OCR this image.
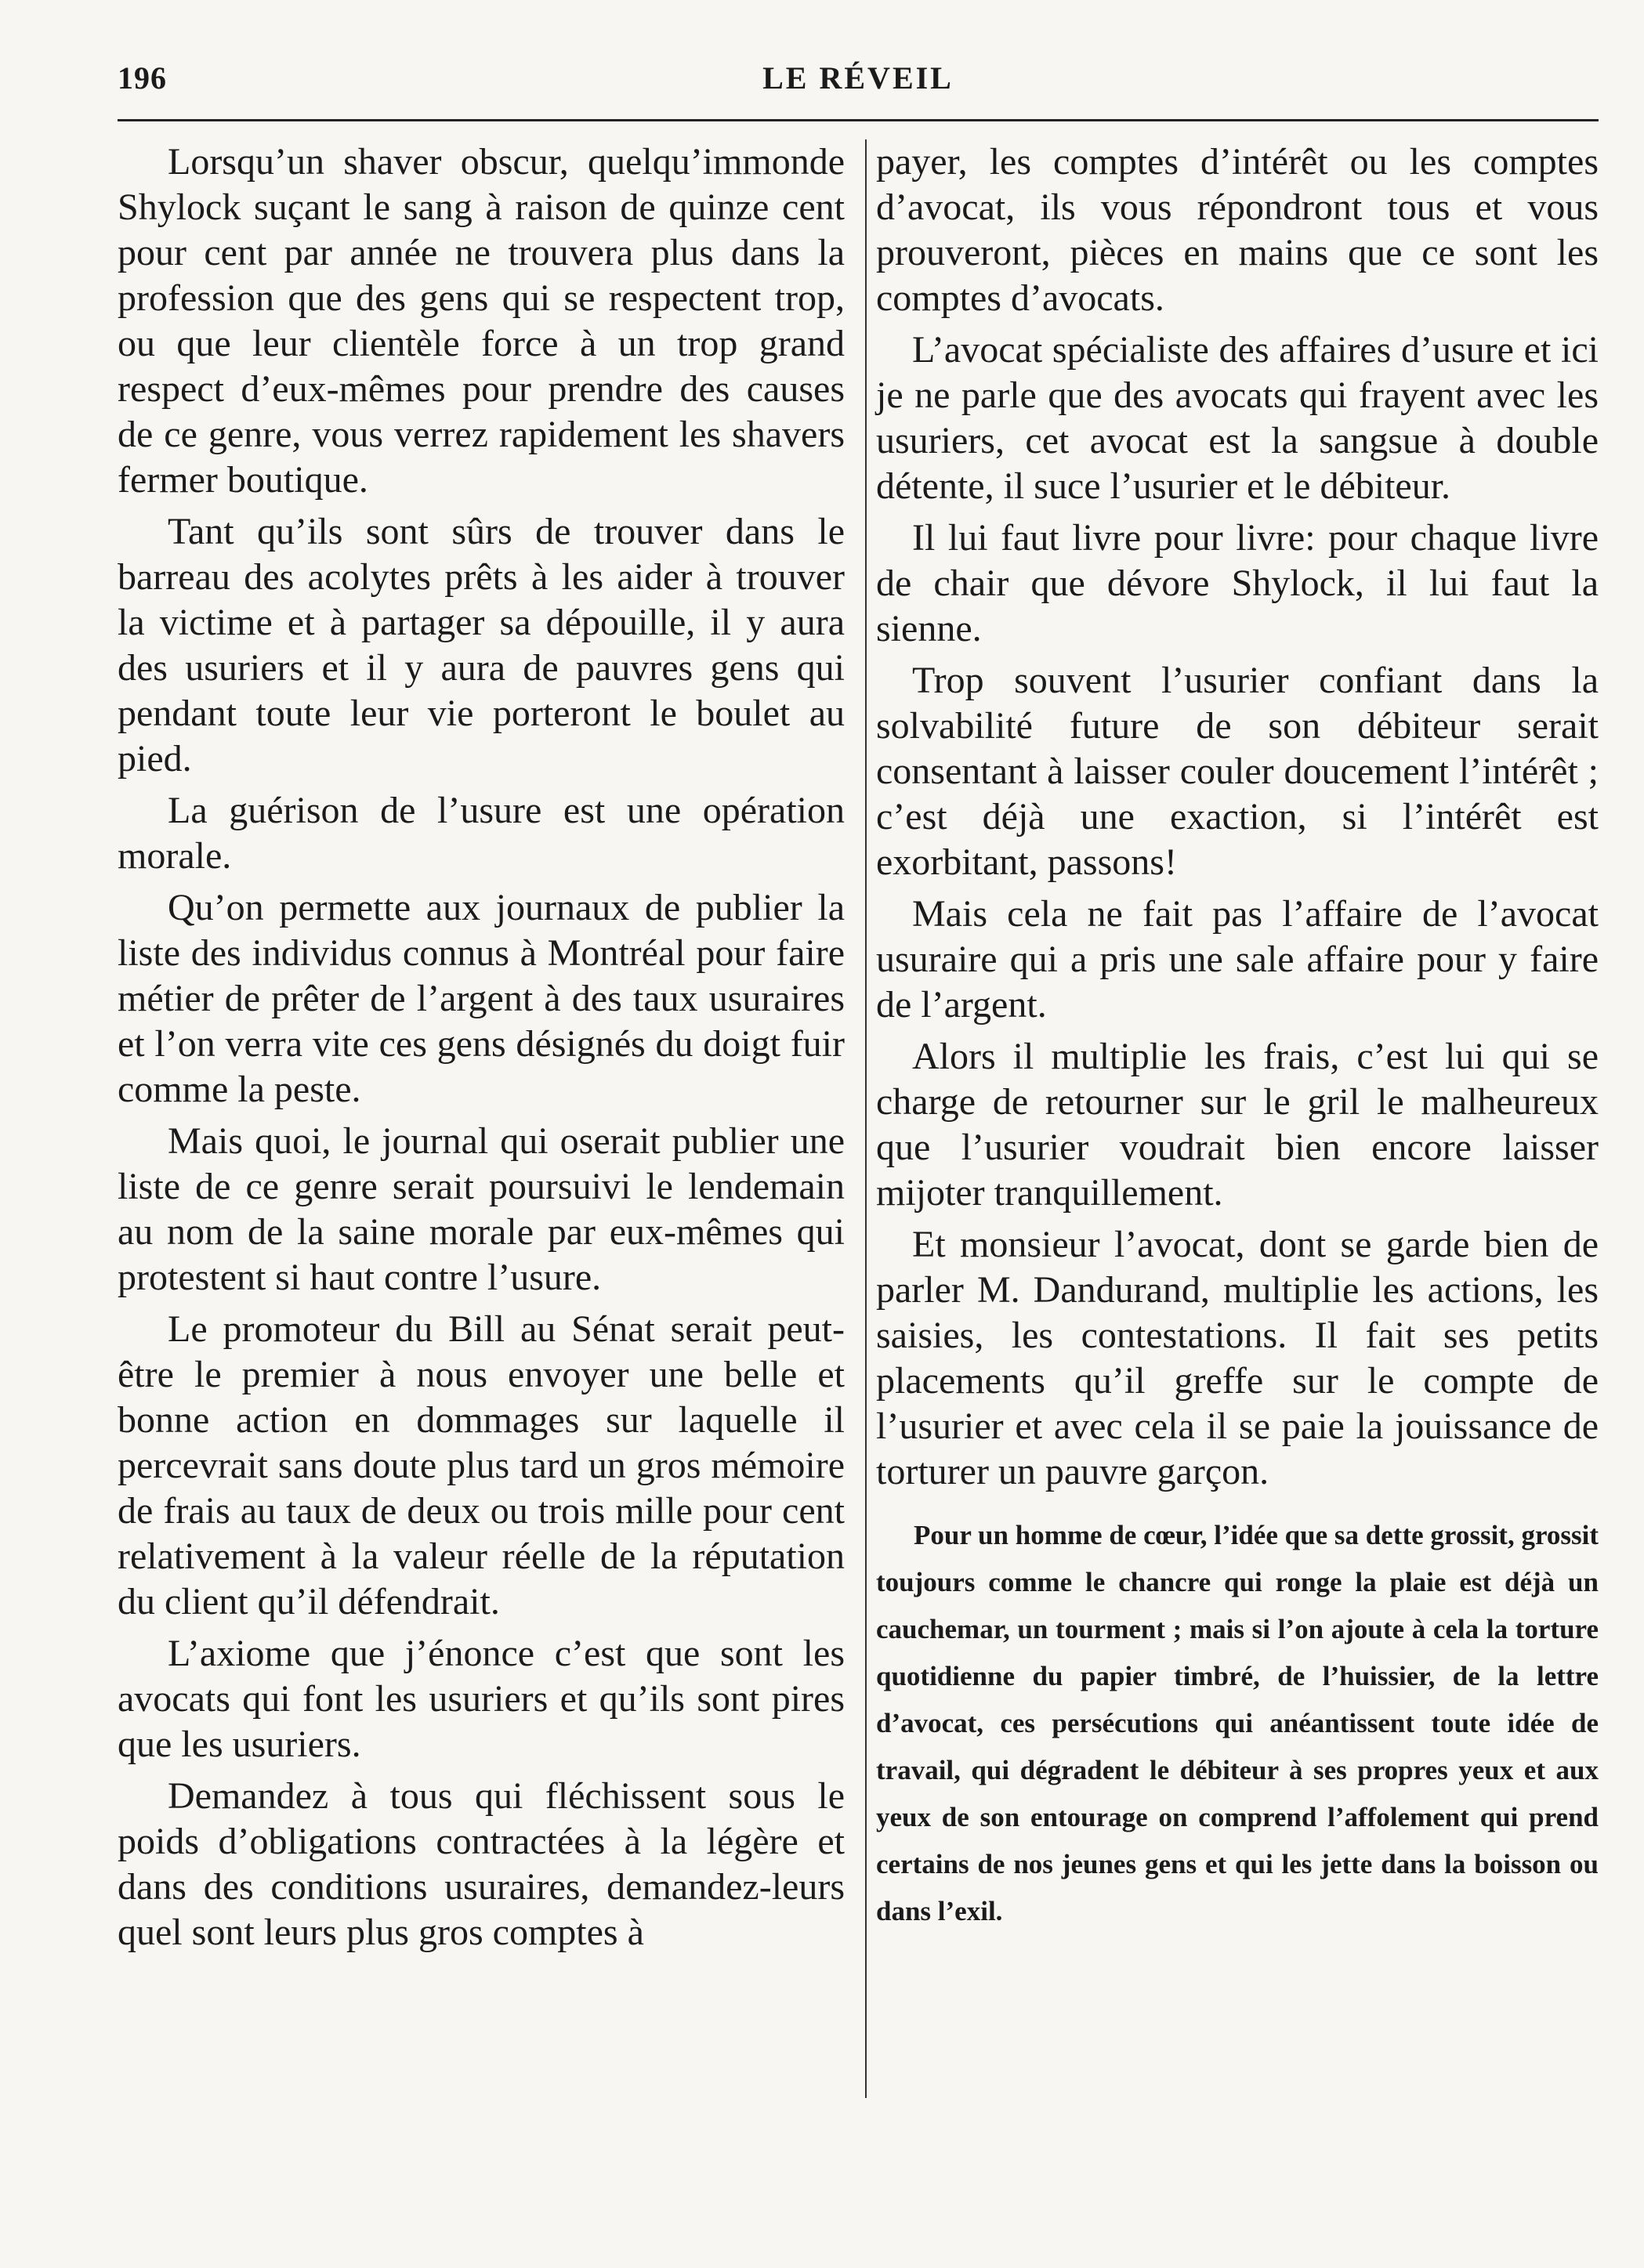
196	LE RÉVEIL

Lorsqu’un shaver obscur, quelqu’immonde Shylock suçant le sang à raison de quinze cent pour cent par année ne trouvera plus dans la profession que des gens qui se respectent trop, ou que leur clientèle force à un trop grand respect d’eux-mêmes pour prendre des causes de ce genre, vous verrez rapidement les shavers fermer boutique.

Tant qu’ils sont sûrs de trouver dans le barreau des acolytes prêts à les aider à trouver la victime et à partager sa dépouille, il y aura des usuriers et il y aura de pauvres gens qui pendant toute leur vie porteront le boulet au pied.

La guérison de l’usure est une opération morale.

Qu’on permette aux journaux de publier la liste des individus connus à Montréal pour faire métier de prêter de l’argent à des taux usuraires et l’on verra vite ces gens désignés du doigt fuir comme la peste.

Mais quoi, le journal qui oserait publier une liste de ce genre serait poursuivi le lendemain au nom de la saine morale par eux-mêmes qui protestent si haut contre l’usure.

Le promoteur du Bill au Sénat serait peut-être le premier à nous envoyer une belle et bonne action en dommages sur laquelle il percevrait sans doute plus tard un gros mémoire de frais au taux de deux ou trois mille pour cent relativement à la valeur réelle de la réputation du client qu’il défendrait.

L’axiome que j’énonce c’est que sont les avocats qui font les usuriers et qu’ils sont pires que les usuriers.

Demandez à tous qui fléchissent sous le poids d’obligations contractées à la légère et dans des conditions usuraires, demandez-leurs quel sont leurs plus gros comptes à

payer, les comptes d’intérêt ou les comptes d’avocat, ils vous répondront tous et vous prouveront, pièces en mains que ce sont les comptes d’avocats.

L’avocat spécialiste des affaires d’usure et ici je ne parle que des avocats qui frayent avec les usuriers, cet avocat est la sangsue à double détente, il suce l’usurier et le débiteur.

Il lui faut livre pour livre: pour chaque livre de chair que dévore Shylock, il lui faut la sienne.

Trop souvent l’usurier confiant dans la solvabilité future de son débiteur serait consentant à laisser couler doucement l’intérêt ; c’est déjà une exaction, si l’intérêt est exorbitant, passons!

Mais cela ne fait pas l’affaire de l’avocat usuraire qui a pris une sale affaire pour y faire de l’argent.

Alors il multiplie les frais, c’est lui qui se charge de retourner sur le gril le malheureux que l’usurier voudrait bien encore laisser mijoter tranquillement.

Et monsieur l’avocat, dont se garde bien de parler M. Dandurand, multiplie les actions, les saisies, les contestations. Il fait ses petits placements qu’il greffe sur le compte de l’usurier et avec cela il se paie la jouissance de torturer un pauvre garçon.

Pour un homme de cœur, l’idée que sa dette grossit, grossit toujours comme le chancre qui ronge la plaie est déjà un cauchemar, un tourment ; mais si l’on ajoute à cela la torture quotidienne du papier timbré, de l’huissier, de la lettre d’avocat, ces persécutions qui anéantissent toute idée de travail, qui dégradent le débiteur à ses propres yeux et aux yeux de son entourage on comprend l’affolement qui prend certains de nos jeunes gens et qui les jette dans la boisson ou dans l’exil.
